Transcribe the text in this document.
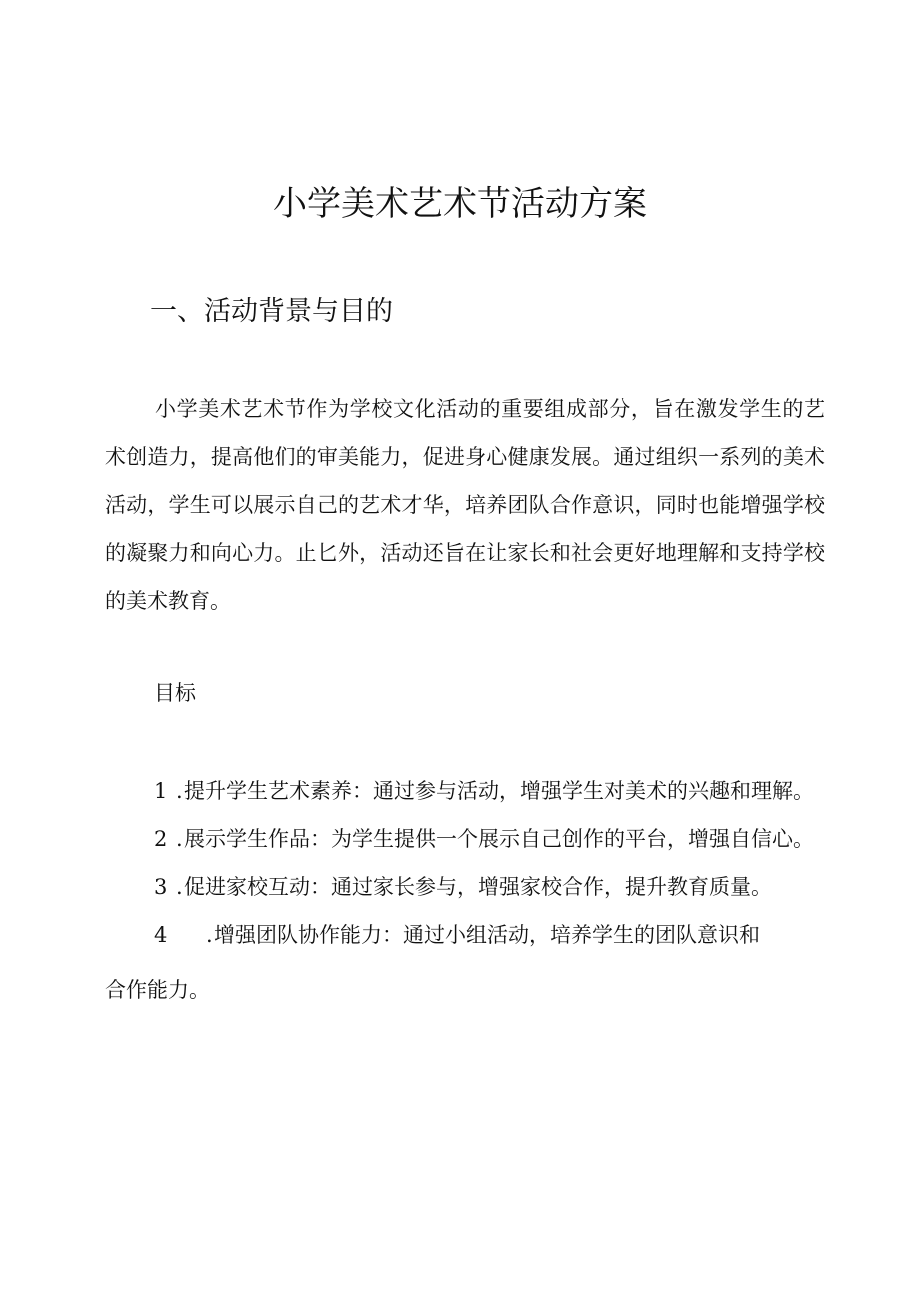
小学美术艺术节活动方案
一、活动背景与目的
小学美术艺术节作为学校文化活动的重要组成部分，旨在激发学生的艺术创造力，提高他们的审美能力，促进身心健康发展。通过组织一系列的美术活动，学生可以展示自己的艺术才华，培养团队合作意识，同时也能增强学校的凝聚力和向心力。止匕外，活动还旨在让家长和社会更好地理解和支持学校的美术教育。
目标
1 .提升学生艺术素养：通过参与活动，增强学生对美术的兴趣和理解。
2 .展示学生作品：为学生提供一个展示自己创作的平台，增强自信心。
3 .促进家校互动：通过家长参与，增强家校合作，提升教育质量。
4 .增强团队协作能力：通过小组活动，培养学生的团队意识和
合作能力。
